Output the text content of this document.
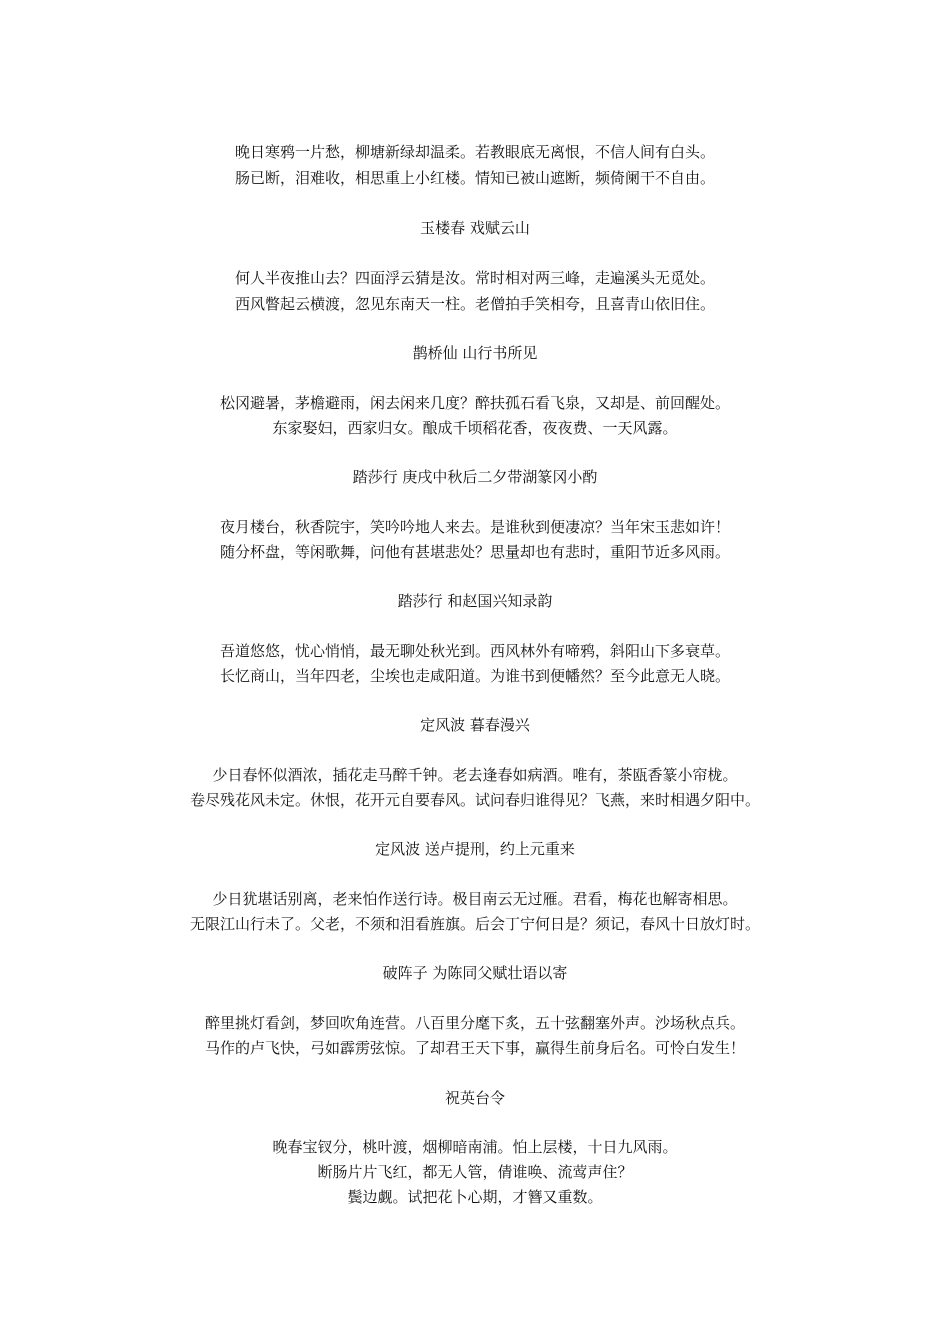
晚日寒鸦一片愁，柳塘新绿却温柔。若教眼底无离恨，不信人间有白头。
肠已断，泪难收，相思重上小红楼。情知已被山遮断，频倚阑干不自由。
玉楼春 戏赋云山
何人半夜推山去？四面浮云猜是汝。常时相对两三峰，走遍溪头无觅处。
西风瞥起云横渡，忽见东南天一柱。老僧拍手笑相夸，且喜青山依旧住。
鹊桥仙 山行书所见
松冈避暑，茅檐避雨，闲去闲来几度？醉扶孤石看飞泉，又却是、前回醒处。
东家娶妇，西家归女。酿成千顷稻花香，夜夜费、一天风露。
踏莎行 庚戌中秋后二夕带湖篆冈小酌
夜月楼台，秋香院宇，笑吟吟地人来去。是谁秋到便凄凉？当年宋玉悲如许！
随分杯盘，等闲歌舞，问他有甚堪悲处？思量却也有悲时，重阳节近多风雨。
踏莎行 和赵国兴知录韵
吾道悠悠，忧心悄悄，最无聊处秋光到。西风林外有啼鸦，斜阳山下多衰草。
长忆商山，当年四老，尘埃也走咸阳道。为谁书到便幡然？至今此意无人晓。
定风波 暮春漫兴
少日春怀似酒浓，插花走马醉千钟。老去逢春如病酒。唯有，茶瓯香篆小帘栊。
卷尽残花风未定。休恨，花开元自要春风。试问春归谁得见？飞燕，来时相遇夕阳中。
定风波 送卢提刑，约上元重来
少日犹堪话别离，老来怕作送行诗。极目南云无过雁。君看，梅花也解寄相思。
无限江山行未了。父老，不须和泪看旌旗。后会丁宁何日是？须记，春风十日放灯时。
破阵子 为陈同父赋壮语以寄
醉里挑灯看剑，梦回吹角连营。八百里分麾下炙，五十弦翻塞外声。沙场秋点兵。
马作的卢飞快，弓如霹雳弦惊。了却君王天下事，赢得生前身后名。可怜白发生！
祝英台令
晚春宝钗分，桃叶渡，烟柳暗南浦。怕上层楼，十日九风雨。
断肠片片飞红，都无人管，倩谁唤、流莺声住？
鬓边觑。试把花卜心期，才簪又重数。
